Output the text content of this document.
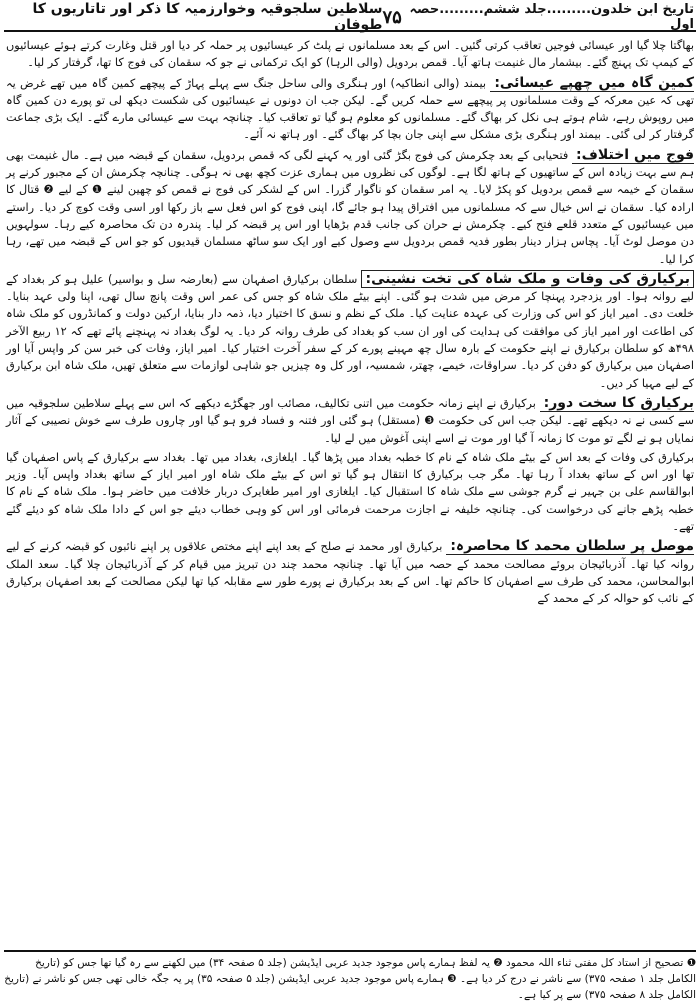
تاریخ ابن خلدون.........جلد ششم.........حصہ اول
۷۵
سلاطین سلجوقیہ وخوارزمیہ کا ذکر اور تاتاریوں کا طوفان

بھاگتا چلا گیا اور عیسائی فوجیں تعاقب کرتی گئیں۔ اس کے بعد مسلمانوں نے پلٹ کر عیسائیوں پر حملہ کر دیا اور قتل وغارت کرتے ہوئے عیسائیوں کے کیمپ تک پہنچ گئے۔ بیشمار مال غنیمت ہاتھ آیا۔ قمص بردویل (والی الرہا) کو ایک ترکمانی نے جو کہ سقمان کی فوج کا تھا، گرفتار کر لیا۔

کمین گاہ میں چھپے عیسائی: بیمند (والی انطاکیہ) اور ہنگری والی ساحل جنگ سے پہلے پہاڑ کے پیچھے کمین گاہ میں تھے غرض یہ تھی کہ عین معرکہ کے وقت مسلمانوں پر پیچھے سے حملہ کریں گے۔ لیکن جب ان دونوں نے عیسائیوں کی شکست دیکھ لی تو پورے دن کمین گاہ میں روپوش رہے، شام ہوتے ہی نکل کر بھاگ گئے۔ مسلمانوں کو معلوم ہو گیا تو تعاقب کیا۔ چنانچہ بہت سے عیسائی مارے گئے۔ ایک بڑی جماعت گرفتار کر لی گئی۔ بیمند اور ہنگری بڑی مشکل سے اپنی جان بچا کر بھاگ گئے۔ اور ہاتھ نہ آئے۔

فوج میں اختلاف: فتحیابی کے بعد چکرمش کی فوج بگڑ گئی اور یہ کہنے لگی کہ قمص بردویل، سقمان کے قبضہ میں ہے۔ مال غنیمت بھی ہم سے بہت زیادہ اس کے ساتھیوں کے ہاتھ لگا ہے۔ لوگوں کی نظروں میں ہماری عزت کچھ بھی نہ ہوگی۔ چنانچہ چکرمش ان کے مجبور کرنے پر سقمان کے خیمہ سے قمص بردویل کو پکڑ لایا۔ یہ امر سقمان کو ناگوار گزرا۔ اس کے لشکر کی فوج نے قمص کو چھین لینے ❶ کے لیے ❷ قتال کا ارادہ کیا۔ سقمان نے اس خیال سے کہ مسلمانوں میں افتراق پیدا ہو جائے گا، اپنی فوج کو اس فعل سے باز رکھا اور اسی وقت کوچ کر دیا۔ راستے میں عیسائیوں کے متعدد قلعے فتح کیے۔ چکرمش نے حران کی جانب قدم بڑھایا اور اس پر قبضہ کر لیا۔ پندرہ دن تک محاصرہ کیے رہا۔ سولہویں دن موصل لوٹ آیا۔ پچاس ہزار دینار بطور فدیہ قمص بردویل سے وصول کیے اور ایک سو ساٹھ مسلمان قیدیوں کو جو اس کے قبضہ میں تھے، رہا کرا لیا۔

برکیارق کی وفات و ملک شاہ کی تخت نشینی: سلطان برکیارق اصفہان سے (بعارضہ سل و بواسیر) علیل ہو کر بغداد کے لیے روانہ ہوا۔ اور یزدجرد پہنچا کر مرض میں شدت ہو گئی۔ اپنے بیٹے ملک شاہ کو جس کی عمر اس وقت پانچ سال تھی، اپنا ولی عہد بنایا۔ خلعت دی۔ امیر ایاز کو اس کی وزارت کی عہدہ عنایت کیا۔ ملک کے نظم و نسق کا اختیار دیا، ذمہ دار بنایا، ارکین دولت و کمانڈروں کو ملک شاہ کی اطاعت اور امیر ایاز کی موافقت کی ہدایت کی اور ان سب کو بغداد کی طرف روانہ کر دیا۔ یہ لوگ بغداد نہ پہنچنے پائے تھے کہ ۱۲ ربیع الآخر ۴۹۸ھ کو سلطان برکیارق نے اپنے حکومت کے بارہ سال چھ مہینے پورے کر کے سفر آخرت اختیار کیا۔ امیر ایاز، وفات کی خبر سن کر واپس آیا اور اصفہان میں برکیارق کو دفن کر دیا۔ سراوقات، خیمے، چھتر، شمسیہ، اور کل وہ چیزیں جو شاہی لوازمات سے متعلق تھیں، ملک شاہ ابن برکیارق کے لیے مہیا کر دیں۔

برکیارق کا سخت دور: برکیارق نے اپنے زمانہ حکومت میں اتنی تکالیف، مصائب اور جھگڑے دیکھے کہ اس سے پہلے سلاطین سلجوقیہ میں سے کسی نے نہ دیکھے تھے۔ لیکن جب اس کی حکومت ❸ (مستقل) ہو گئی اور فتنہ و فساد فرو ہو گیا اور چاروں طرف سے خوش نصیبی کے آثار نمایاں ہو نے لگے تو موت کا زمانہ آ گیا اور موت نے اسے اپنی آغوش میں لے لیا۔

برکیارق کی وفات کے بعد اس کے بیٹے ملک شاہ کے نام کا خطبہ بغداد میں پڑھا گیا۔ ایلغازی، بغداد میں تھا۔ بغداد سے برکیارق کے پاس اصفہان گیا تھا اور اس کے ساتھ بغداد آ رہا تھا۔ مگر جب برکیارق کا انتقال ہو گیا تو اس کے بیٹے ملک شاہ اور امیر ایاز کے ساتھ بغداد واپس آیا۔ وزیر ابوالقاسم علی بن جہیر نے گرم جوشی سے ملک شاہ کا استقبال کیا۔ ایلغازی اور امیر طغایرک دربار خلافت میں حاضر ہوا۔ ملک شاہ کے نام کا خطبہ پڑھے جانے کی درخواست کی۔ چنانچہ خلیفہ نے اجازت مرحمت فرمائی اور اس کو وہی خطاب دیئے جو اس کے دادا ملک شاہ کو دیئے گئے تھے۔

موصل پر سلطان محمد کا محاصرہ: برکیارق اور محمد نے صلح کے بعد اپنے اپنے مختص علاقوں پر اپنے نائبوں کو قبضہ کرنے کے لیے روانہ کیا تھا۔ آذربائیجان بروئے مصالحت محمد کے حصہ میں آیا تھا۔ چنانچہ محمد چند دن تبریز میں قیام کر کے آذربائیجان چلا گیا۔ سعد الملک ابوالمحاسن، محمد کی طرف سے اصفہان کا حاکم تھا۔ اس کے بعد برکیارق نے پورے طور سے مقابلہ کیا تھا لیکن مصالحت کے بعد اصفہان برکیارق کے نائب کو حوالہ کر کے محمد کے

❶ تصحیح از استاد کل مفتی ثناء اللہ محمود ❷ یہ لفظ ہمارے پاس موجود جدید عربی ایڈیشن (جلد ۵ صفحہ ۳۴) میں لکھنے سے رہ گیا تھا جس کو (تاریخ الکامل جلد ۱ صفحہ ۳۷۵) سے ناشر نے درج کر دیا ہے۔ ❸ ہمارے پاس موجود جدید عربی ایڈیشن (جلد ۵ صفحہ ۳۵) پر یہ جگہ خالی تھی جس کو ناشر نے (تاریخ الکامل جلد ۸ صفحہ ۳۷۵) سے پر کیا ہے۔
